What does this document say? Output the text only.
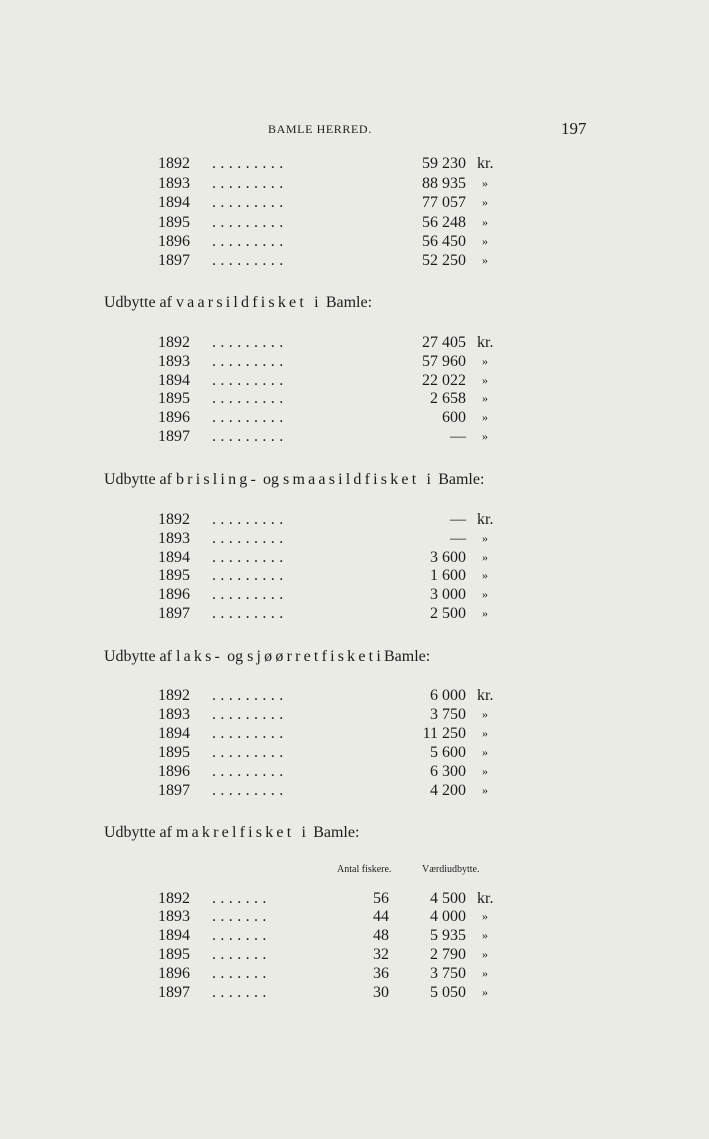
BAMLE HERRED.	197
1892 .........	59 230 kr.
1893 .........	88 935 »
1894 .........	77 057 »
1895 .........	56 248 »
1896 .........	56 450 »
1897 .........	52 250 »
Udbytte af vaarsildfisket i Bamle:
1892 .........	27 405 kr.
1893 .........	57 960 »
1894 .........	22 022 »
1895 .........	2 658 »
1896 .........	600 »
1897 .........	— »
Udbytte af brisling- og smaasildfisket i Bamle:
1892 .........	— kr.
1893 .........	— »
1894 .........	3 600 »
1895 .........	1 600 »
1896 .........	3 000 »
1897 .........	2 500 »
Udbytte af laks- og sjøørretfisketiBamle:
1892 .........	6 000 kr.
1893 .........	3 750 »
1894 .........	11 250 »
1895 .........	5 600 »
1896 .........	6 300 »
1897 .........	4 200 »
Udbytte af makrelfisket i Bamle:
Antal fiskere.	Værdiudbytte.
1892 .......	56	4 500 kr.
1893 .......	44	4 000 »
1894 .......	48	5 935 »
1895 .......	32	2 790 »
1896 .......	36	3 750 »
1897 .......	30	5 050 »
